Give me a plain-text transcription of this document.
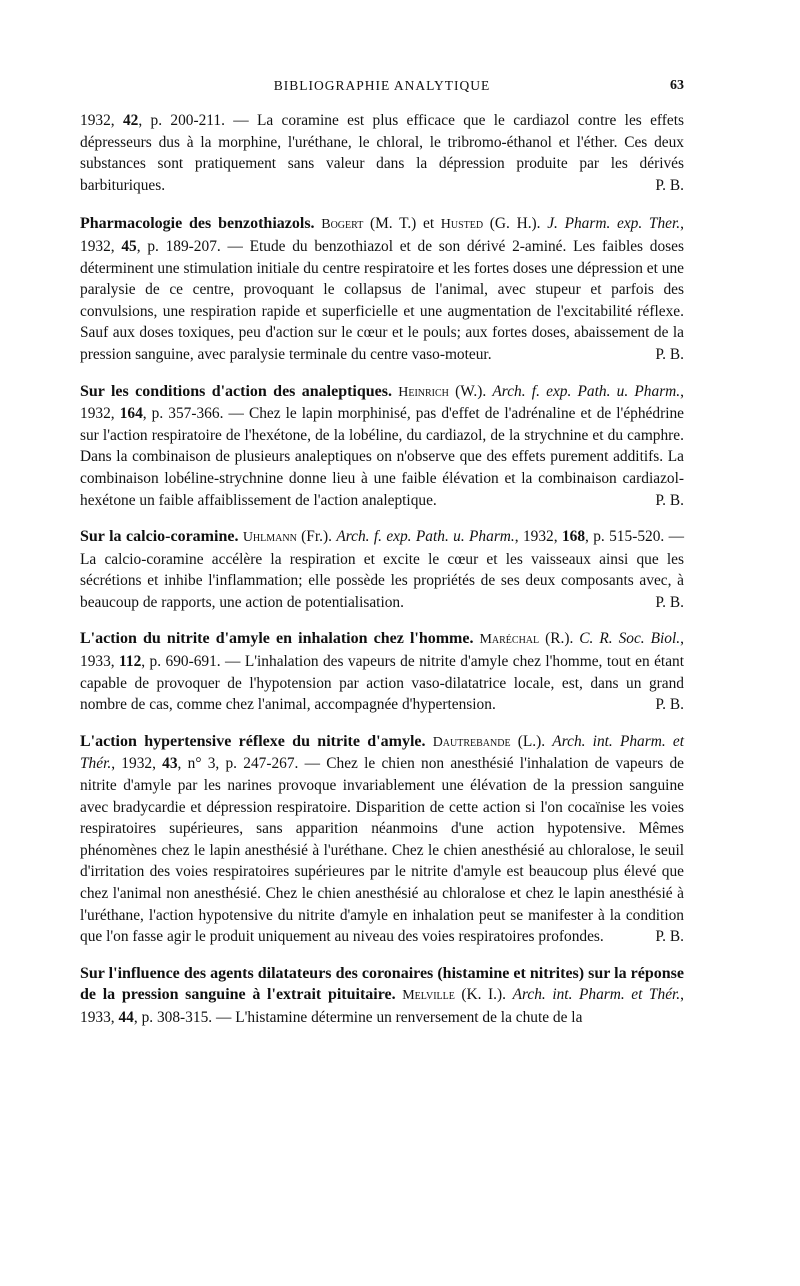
BIBLIOGRAPHIE ANALYTIQUE	63

1932, 42, p. 200-211. — La coramine est plus efficace que le cardiazol contre les effets dépresseurs dus à la morphine, l'uréthane, le chloral, le tribromo-éthanol et l'éther. Ces deux substances sont pratiquement sans valeur dans la dépression produite par les dérivés barbituriques.	P. B.

Pharmacologie des benzothiazols. Bogert (M. T.) et Husted (G. H.). J. Pharm. exp. Ther., 1932, 45, p. 189-207. — Etude du benzothiazol et de son dérivé 2-aminé. Les faibles doses déterminent une stimulation initiale du centre respiratoire et les fortes doses une dépression et une paralysie de ce centre, provoquant le collapsus de l'animal, avec stupeur et parfois des convulsions, une respiration rapide et superficielle et une augmentation de l'excitabilité réflexe. Sauf aux doses toxiques, peu d'action sur le cœur et le pouls; aux fortes doses, abaissement de la pression sanguine, avec paralysie terminale du centre vaso-moteur.	P. B.

Sur les conditions d'action des analeptiques. Heinrich (W.). Arch. f. exp. Path. u. Pharm., 1932, 164, p. 357-366. — Chez le lapin morphinisé, pas d'effet de l'adrénaline et de l'éphédrine sur l'action respiratoire de l'hexétone, de la lobéline, du cardiazol, de la strychnine et du camphre. Dans la combinaison de plusieurs analeptiques on n'observe que des effets purement additifs. La combinaison lobéline-strychnine donne lieu à une faible élévation et la combinaison cardiazol-hexétone un faible affaiblissement de l'action analeptique.	P. B.

Sur la calcio-coramine. Uhlmann (Fr.). Arch. f. exp. Path. u. Pharm., 1932, 168, p. 515-520. — La calcio-coramine accélère la respiration et excite le cœur et les vaisseaux ainsi que les sécrétions et inhibe l'inflammation; elle possède les propriétés de ses deux composants avec, à beaucoup de rapports, une action de potentialisation.	P. B.

L'action du nitrite d'amyle en inhalation chez l'homme. Maréchal (R.). C. R. Soc. Biol., 1933, 112, p. 690-691. — L'inhalation des vapeurs de nitrite d'amyle chez l'homme, tout en étant capable de provoquer de l'hypotension par action vaso-dilatatrice locale, est, dans un grand nombre de cas, comme chez l'animal, accompagnée d'hypertension.	P. B.

L'action hypertensive réflexe du nitrite d'amyle. Dautrebande (L.). Arch. int. Pharm. et Thér., 1932, 43, n° 3, p. 247-267. — Chez le chien non anesthésié l'inhalation de vapeurs de nitrite d'amyle par les narines provoque invariablement une élévation de la pression sanguine avec bradycardie et dépression respiratoire. Disparition de cette action si l'on cocaïnise les voies respiratoires supérieures, sans apparition néanmoins d'une action hypotensive. Mêmes phénomènes chez le lapin anesthésié à l'uréthane. Chez le chien anesthésié au chloralose, le seuil d'irritation des voies respiratoires supérieures par le nitrite d'amyle est beaucoup plus élevé que chez l'animal non anesthésié. Chez le chien anesthésié au chloralose et chez le lapin anesthésié à l'uréthane, l'action hypotensive du nitrite d'amyle en inhalation peut se manifester à la condition que l'on fasse agir le produit uniquement au niveau des voies respiratoires profondes.	P. B.

Sur l'influence des agents dilatateurs des coronaires (histamine et nitrites) sur la réponse de la pression sanguine à l'extrait pituitaire. Melville (K. I.). Arch. int. Pharm. et Thér., 1933, 44, p. 308-315. — L'histamine détermine un renversement de la chute de la
